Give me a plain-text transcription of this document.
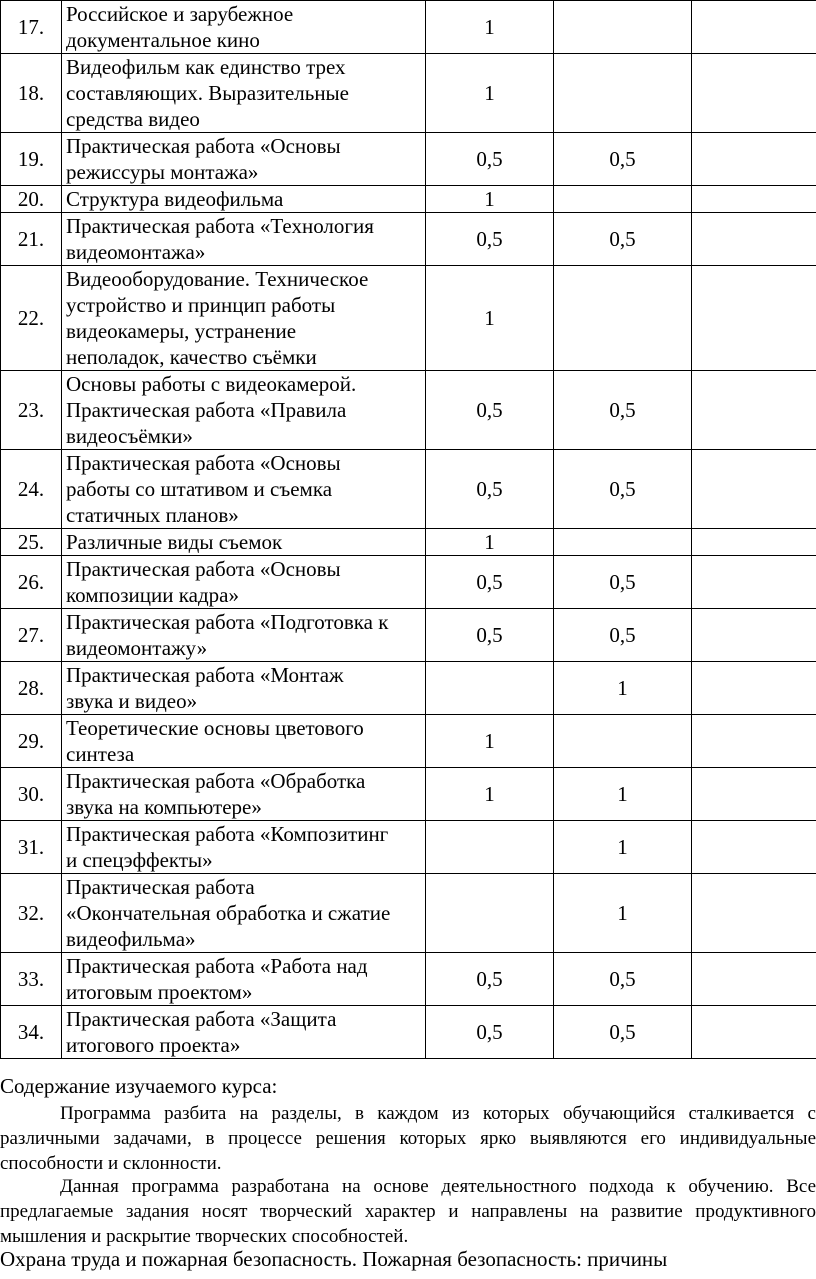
17.	Российское и зарубежное
документальное кино	1		
18.	Видеофильм как единство трех
составляющих. Выразительные
средства видео	1		
19.	Практическая работа «Основы
режиссуры монтажа»	0,5	0,5	
20.	Структура видеофильма	1		
21.	Практическая работа «Технология
видеомонтажа»	0,5	0,5	
22.	Видеооборудование. Техническое
устройство и принцип работы
видеокамеры, устранение
неполадок, качество съёмки	1		
23.	Основы работы с видеокамерой.
Практическая работа «Правила
видеосъёмки»	0,5	0,5	
24.	Практическая работа «Основы
работы со штативом и съемка
статичных планов»	0,5	0,5	
25.	Различные виды съемок	1		
26.	Практическая работа «Основы
композиции кадра»	0,5	0,5	
27.	Практическая работа «Подготовка к
видеомонтажу»	0,5	0,5	
28.	Практическая работа «Монтаж
звука и видео»		1	
29.	Теоретические основы цветового
синтеза	1		
30.	Практическая работа «Обработка
звука на компьютере»	1	1	
31.	Практическая работа «Композитинг
и спецэффекты»		1	
32.	Практическая работа
«Окончательная обработка и сжатие
видеофильма»		1	
33.	Практическая работа «Работа над
итоговым проектом»	0,5	0,5	
34.	Практическая работа «Защита
итогового проекта»	0,5	0,5	
Содержание изучаемого курса:
Программа разбита на разделы, в каждом из которых обучающийся сталкивается с различными задачами, в процессе решения которых ярко выявляются его индивидуальные способности и склонности.
Данная программа разработана на основе деятельностного подхода к обучению. Все предлагаемые задания носят творческий характер и направлены на развитие продуктивного мышления и раскрытие творческих способностей.
Охрана труда и пожарная безопасность. Пожарная безопасность: причины
